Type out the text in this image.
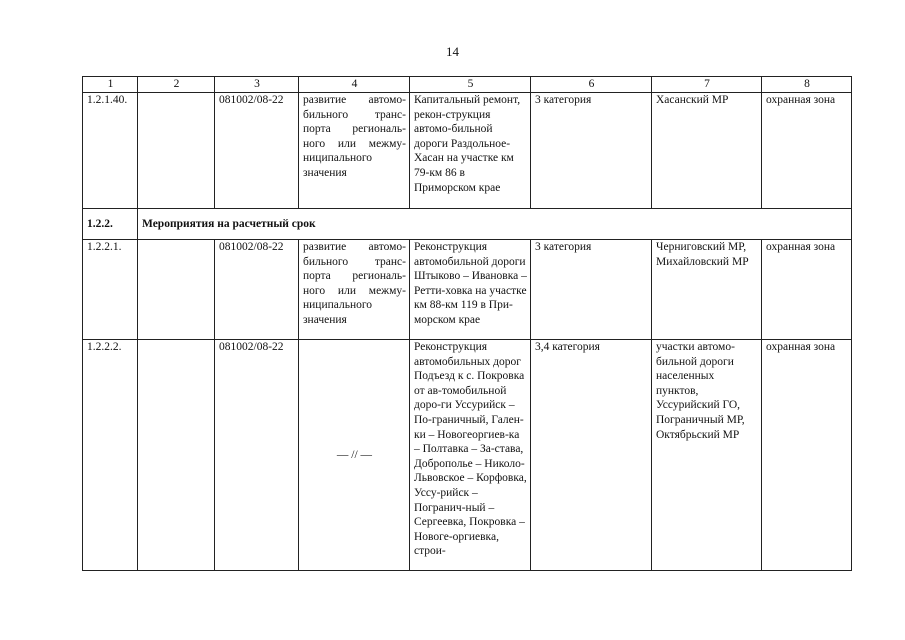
14
1	2	3	4	5	6	7	8
1.2.1.40.		081002/08-22	развитие автомо-бильного транс-порта региональ-ного или межму-ниципального значения	Капитальный ремонт, рекон-струкция автомо-бильной дороги Раздольное-Хасан на участке км 79-км 86 в Приморском крае	3 категория	Хасанский МР	охранная зона
1.2.2.	Мероприятия на расчетный срок						
1.2.2.1.		081002/08-22	развитие автомо-бильного транс-порта региональ-ного или межму-ниципального значения	Реконструкция автомобильной дороги Штыково – Ивановка – Ретти-ховка на участке км 88-км 119 в При-морском крае	3 категория	Черниговский МР, Михайловский МР	охранная зона
1.2.2.2.		081002/08-22	— // —	Реконструкция автомобильных дорог Подъезд к с. Покровка от ав-томобильной доро-ги Уссурийск – По-граничный, Гален-ки – Новогеоргиев-ка – Полтавка – За-става, Доброполье – Николо-Львовское – Корфовка, Уссу-рийск – Погранич-ный – Сергеевка, Покровка – Новоге-оргиевка, строи-	3,4 категория	участки автомо-бильной дороги населенных пунктов, Уссурийский ГО, Пограничный МР, Октябрьский МР	охранная зона
